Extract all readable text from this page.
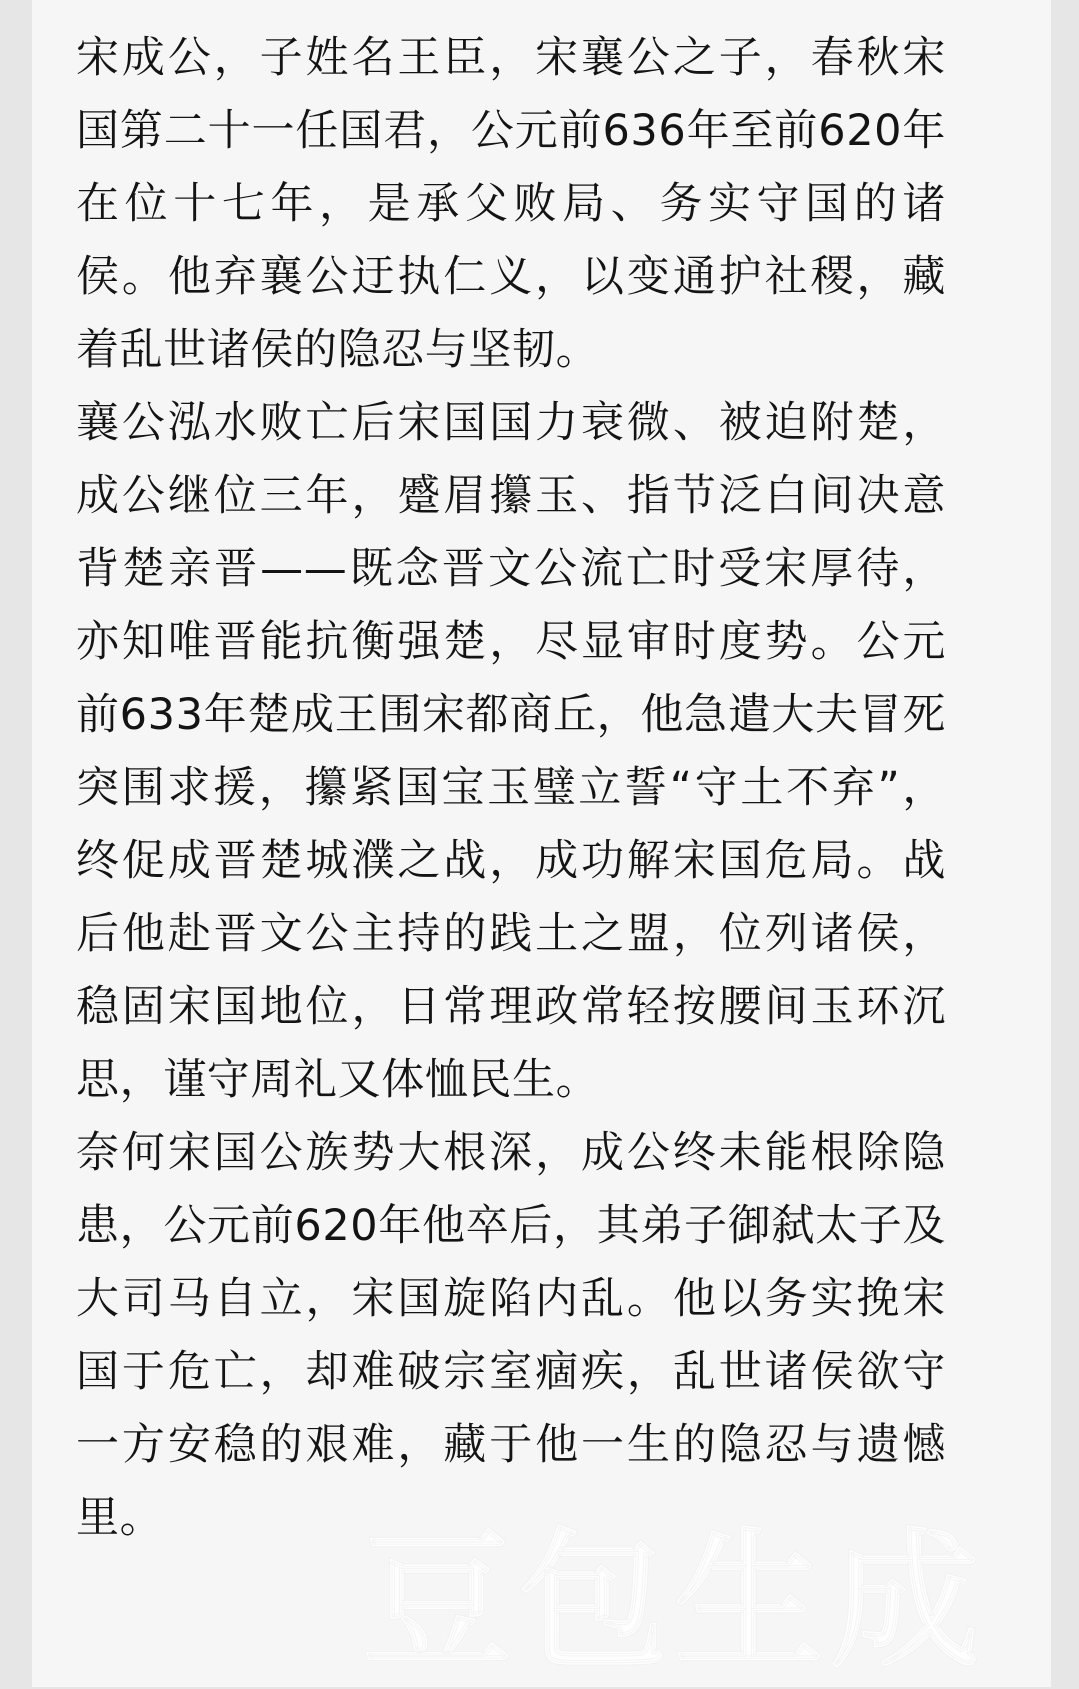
宋成公，子姓名王臣，宋襄公之子，春秋宋国第二十一任国君，公元前636年至前620年在位十七年，是承父败局、务实守国的诸侯。他弃襄公迂执仁义，以变通护社稷，藏着乱世诸侯的隐忍与坚韧。

襄公泓水败亡后宋国国力衰微、被迫附楚，成公继位三年，蹙眉攥玉、指节泛白间决意背楚亲晋——既念晋文公流亡时受宋厚待，亦知唯晋能抗衡强楚，尽显审时度势。公元前633年楚成王围宋都商丘，他急遣大夫冒死突围求援，攥紧国宝玉璧立誓“守土不弃”，终促成晋楚城濮之战，成功解宋国危局。战后他赴晋文公主持的践土之盟，位列诸侯，稳固宋国地位，日常理政常轻按腰间玉环沉思，谨守周礼又体恤民生。

奈何宋国公族势大根深，成公终未能根除隐患，公元前620年他卒后，其弟子御弑太子及大司马自立，宋国旋陷内乱。他以务实挽宋国于危亡，却难破宗室痼疾，乱世诸侯欲守一方安稳的艰难，藏于他一生的隐忍与遗憾里。	豆包生成
